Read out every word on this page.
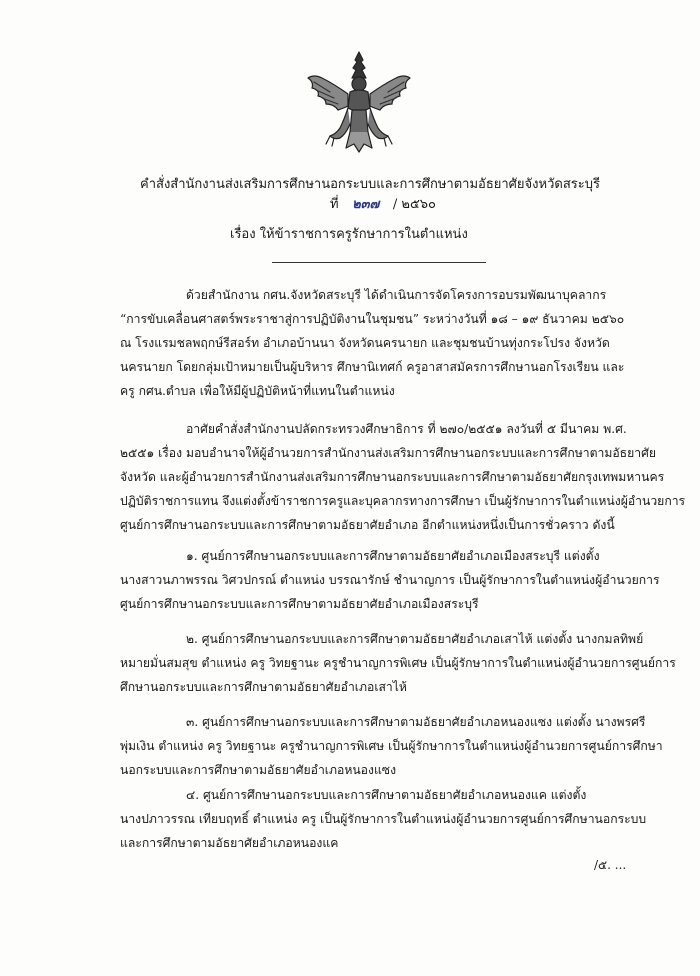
คำสั่งสำนักงานส่งเสริมการศึกษานอกระบบและการศึกษาตามอัธยาศัยจังหวัดสระบุรี
ที่ ๒๓๗ / ๒๕๖๐
เรื่อง ให้ข้าราชการครูรักษาการในตำแหน่ง
ด้วยสำนักงาน กศน.จังหวัดสระบุรี ได้ดำเนินการจัดโครงการอบรมพัฒนาบุคลากร
“การขับเคลื่อนศาสตร์พระราชาสู่การปฏิบัติงานในชุมชน” ระหว่างวันที่ ๑๘ – ๑๙ ธันวาคม ๒๕๖๐
ณ โรงแรมชลพฤกษ์รีสอร์ท อำเภอบ้านนา จังหวัดนครนายก และชุมชนบ้านทุ่งกระโปรง จังหวัด
นครนายก โดยกลุ่มเป้าหมายเป็นผู้บริหาร ศึกษานิเทศก์ ครูอาสาสมัครการศึกษานอกโรงเรียน และ
ครู กศน.ตำบล เพื่อให้มีผู้ปฏิบัติหน้าที่แทนในตำแหน่ง
อาศัยคำสั่งสำนักงานปลัดกระทรวงศึกษาธิการ ที่ ๒๗๐/๒๕๕๑ ลงวันที่ ๕ มีนาคม พ.ศ.
๒๕๕๑ เรื่อง มอบอำนาจให้ผู้อำนวยการสำนักงานส่งเสริมการศึกษานอกระบบและการศึกษาตามอัธยาศัย
จังหวัด และผู้อำนวยการสำนักงานส่งเสริมการศึกษานอกระบบและการศึกษาตามอัธยาศัยกรุงเทพมหานคร
ปฏิบัติราชการแทน จึงแต่งตั้งข้าราชการครูและบุคลากรทางการศึกษา เป็นผู้รักษาการในตำแหน่งผู้อำนวยการ
ศูนย์การศึกษานอกระบบและการศึกษาตามอัธยาศัยอำเภอ อีกตำแหน่งหนึ่งเป็นการชั่วคราว ดังนี้
๑. ศูนย์การศึกษานอกระบบและการศึกษาตามอัธยาศัยอำเภอเมืองสระบุรี แต่งตั้ง
นางสาวนภาพรรณ วิศวปกรณ์ ตำแหน่ง บรรณารักษ์ ชำนาญการ เป็นผู้รักษาการในตำแหน่งผู้อำนวยการ
ศูนย์การศึกษานอกระบบและการศึกษาตามอัธยาศัยอำเภอเมืองสระบุรี
๒. ศูนย์การศึกษานอกระบบและการศึกษาตามอัธยาศัยอำเภอเสาไห้ แต่งตั้ง นางกมลทิพย์
หมายมั่นสมสุข ตำแหน่ง ครู วิทยฐานะ ครูชำนาญการพิเศษ เป็นผู้รักษาการในตำแหน่งผู้อำนวยการศูนย์การ
ศึกษานอกระบบและการศึกษาตามอัธยาศัยอำเภอเสาไห้
๓. ศูนย์การศึกษานอกระบบและการศึกษาตามอัธยาศัยอำเภอหนองแซง แต่งตั้ง นางพรศรี
พุ่มเงิน ตำแหน่ง ครู วิทยฐานะ ครูชำนาญการพิเศษ เป็นผู้รักษาการในตำแหน่งผู้อำนวยการศูนย์การศึกษา
นอกระบบและการศึกษาตามอัธยาศัยอำเภอหนองแซง
๔. ศูนย์การศึกษานอกระบบและการศึกษาตามอัธยาศัยอำเภอหนองแค แต่งตั้ง
นางปภาวรรณ เทียบฤทธิ์ ตำแหน่ง ครู เป็นผู้รักษาการในตำแหน่งผู้อำนวยการศูนย์การศึกษานอกระบบ
และการศึกษาตามอัธยาศัยอำเภอหนองแค
/๕. ...
